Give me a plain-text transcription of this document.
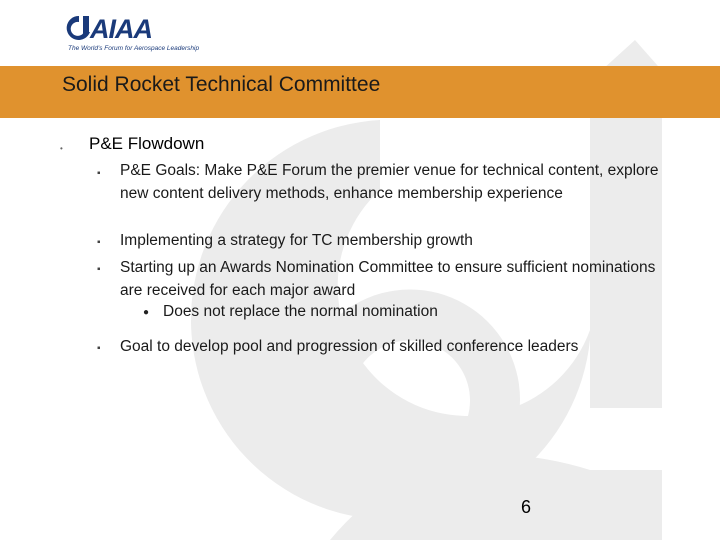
AIAA
The World's Forum for Aerospace Leadership
Solid Rocket Technical Committee
• P&E Flowdown
▪ P&E Goals: Make P&E Forum the premier venue for technical content, explore new content delivery methods, enhance membership experience
▪ Implementing a strategy for TC membership growth
▪ Starting up an Awards Nomination Committee to ensure sufficient nominations are received for each major award
● Does not replace the normal nomination
▪ Goal to develop pool and progression of skilled conference leaders
6
